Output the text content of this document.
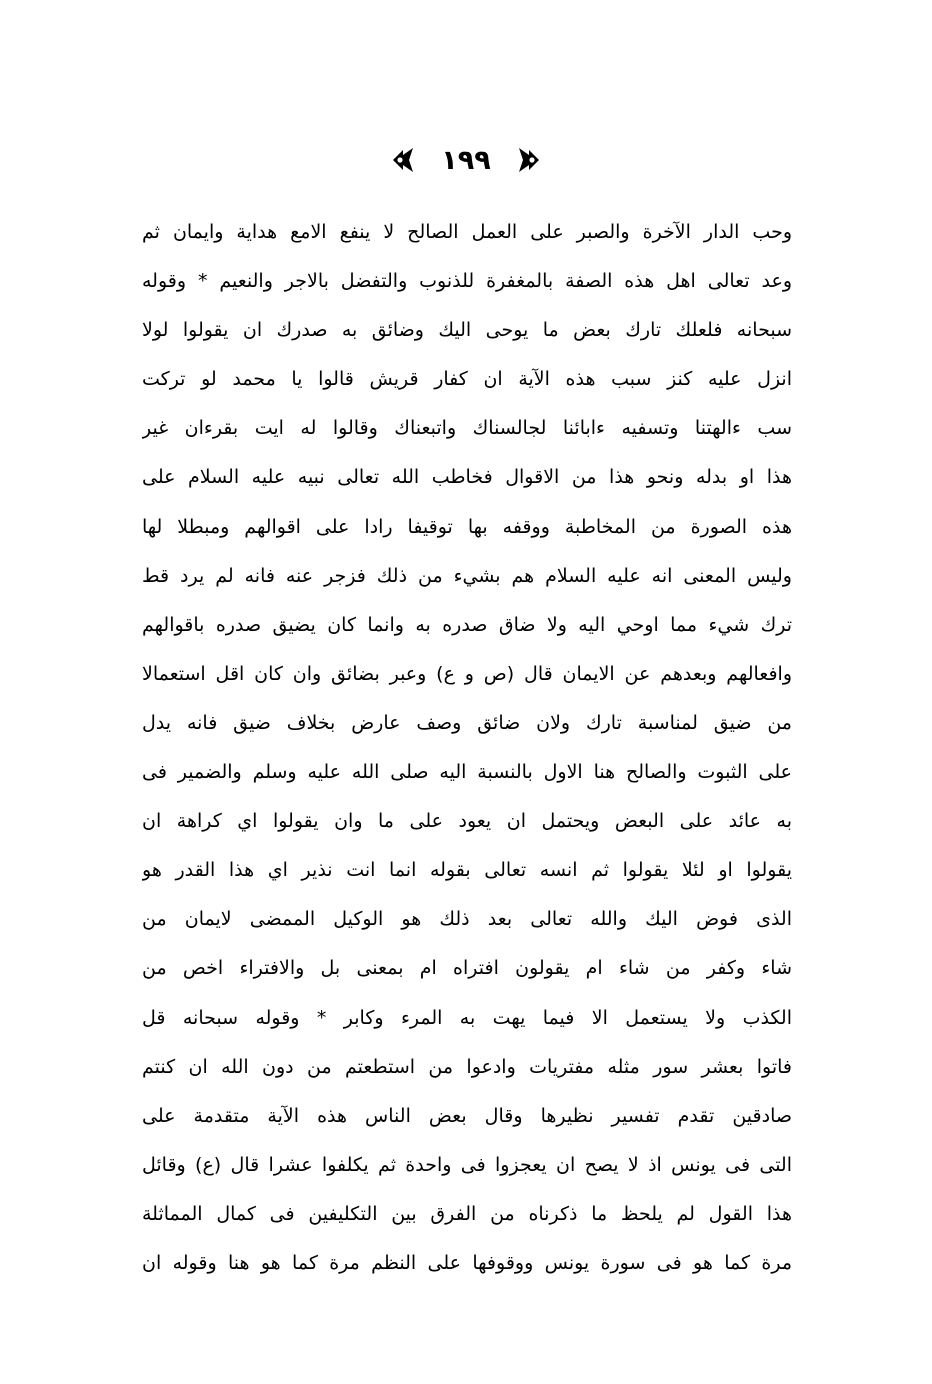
١٩٩
وحب الدار الآخرة والصبر على العمل الصالح لا ينفع الامع هداية وايمان ثم
وعد تعالى اهل هذه الصفة بالمغفرة للذنوب والتفضل بالاجر والنعيم * وقوله
سبحانه فلعلك تارك بعض ما يوحى اليك وضائق به صدرك ان يقولوا لولا
انزل عليه كنز سبب هذه الآية ان كفار قريش قالوا يا محمد لو تركت
سب ءالهتنا وتسفيه ءابائنا لجالسناك واتبعناك وقالوا له ايت بقرءان غير
هذا او بدله ونحو هذا من الاقوال فخاطب الله تعالى نبيه عليه السلام على
هذه الصورة من المخاطبة ووقفه بها توقيفا رادا على اقوالهم ومبطلا لها
وليس المعنى انه عليه السلام هم بشيء من ذلك فزجر عنه فانه لم يرد قط
ترك شيء مما اوحي اليه ولا ضاق صدره به وانما كان يضيق صدره باقوالهم
وافعالهم وبعدهم عن الايمان قال (ص و ع) وعبر بضائق وان كان اقل استعمالا
من ضيق لمناسبة تارك ولان ضائق وصف عارض بخلاف ضيق فانه يدل
على الثبوت والصالح هنا الاول بالنسبة اليه صلى الله عليه وسلم والضمير فى
به عائد على البعض ويحتمل ان يعود على ما وان يقولوا اي كراهة ان
يقولوا او لئلا يقولوا ثم انسه تعالى بقوله انما انت نذير اي هذا القدر هو
الذى فوض اليك والله تعالى بعد ذلك هو الوكيل الممضى لايمان من
شاء وكفر من شاء ام يقولون افتراه ام بمعنى بل والافتراء اخص من
الكذب ولا يستعمل الا فيما يهت به المرء وكابر * وقوله سبحانه قل
فاتوا بعشر سور مثله مفتريات وادعوا من استطعتم من دون الله ان كنتم
صادقين تقدم تفسير نظيرها وقال بعض الناس هذه الآية متقدمة على
التى فى يونس اذ لا يصح ان يعجزوا فى واحدة ثم يكلفوا عشرا قال (ع) وقائل
هذا القول لم يلحظ ما ذكرناه من الفرق بين التكليفين فى كمال المماثلة
مرة كما هو فى سورة يونس ووقوفها على النظم مرة كما هو هنا وقوله ان
